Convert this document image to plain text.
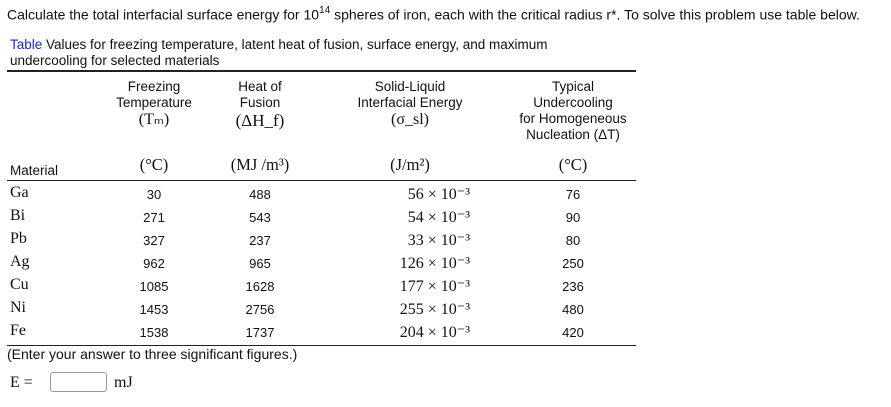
Calculate the total interfacial surface energy for $10^{14}$ spheres of iron, each with the critical radius r*. To solve this problem use table below.
Table Values for freezing temperature, latent heat of fusion, surface energy, and maximum
undercooling for selected materials
Freezing
Temperature
(Tₘ)
Heat of
Fusion
(ΔH_f)
Solid-Liquid
Interfacial Energy
(σ_sl)
Typical
Undercooling
for Homogeneous
Nucleation (ΔT)
Material	(°C)	(MJ /m³)	(J/m²)	(°C)
Ga	30	488	56 × 10⁻³	76
Bi	271	543	54 × 10⁻³	90
Pb	327	237	33 × 10⁻³	80
Ag	962	965	126 × 10⁻³	250
Cu	1085	1628	177 × 10⁻³	236
Ni	1453	2756	255 × 10⁻³	480
Fe	1538	1737	204 × 10⁻³	420
(Enter your answer to three significant figures.)
E =	mJ
